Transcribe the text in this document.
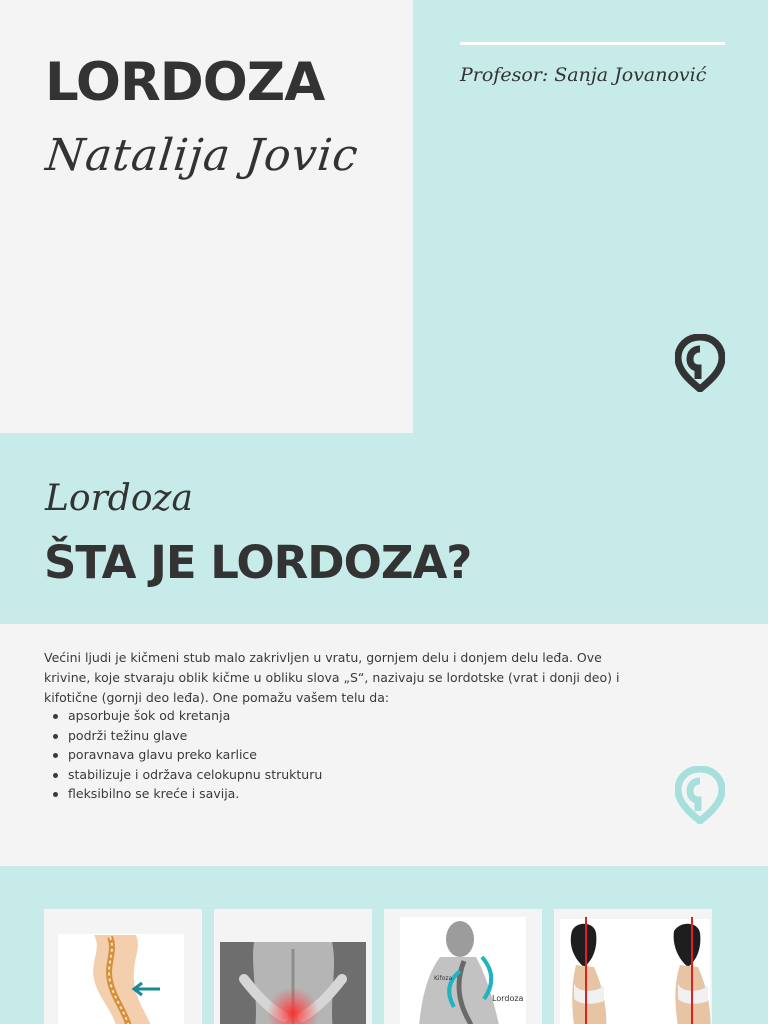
LORDOZA
Natalija Jovic
Profesor: Sanja Jovanović
Lordoza
ŠTA JE LORDOZA?

Većini ljudi je kičmeni stub malo zakrivljen u vratu, gornjem delu i donjem delu leđa. Ove krivine, koje stvaraju oblik kičme u obliku slova „S“, nazivaju se lordotske (vrat i donji deo) i kifotične (gornji deo leđa). One pomažu vašem telu da:

apsorbuje šok od kretanja
podrži težinu glave
poravnava glavu preko karlice
stabilizuje i održava celokupnu strukturu
fleksibilno se kreće i savija.
Kifoza
Lordoza
